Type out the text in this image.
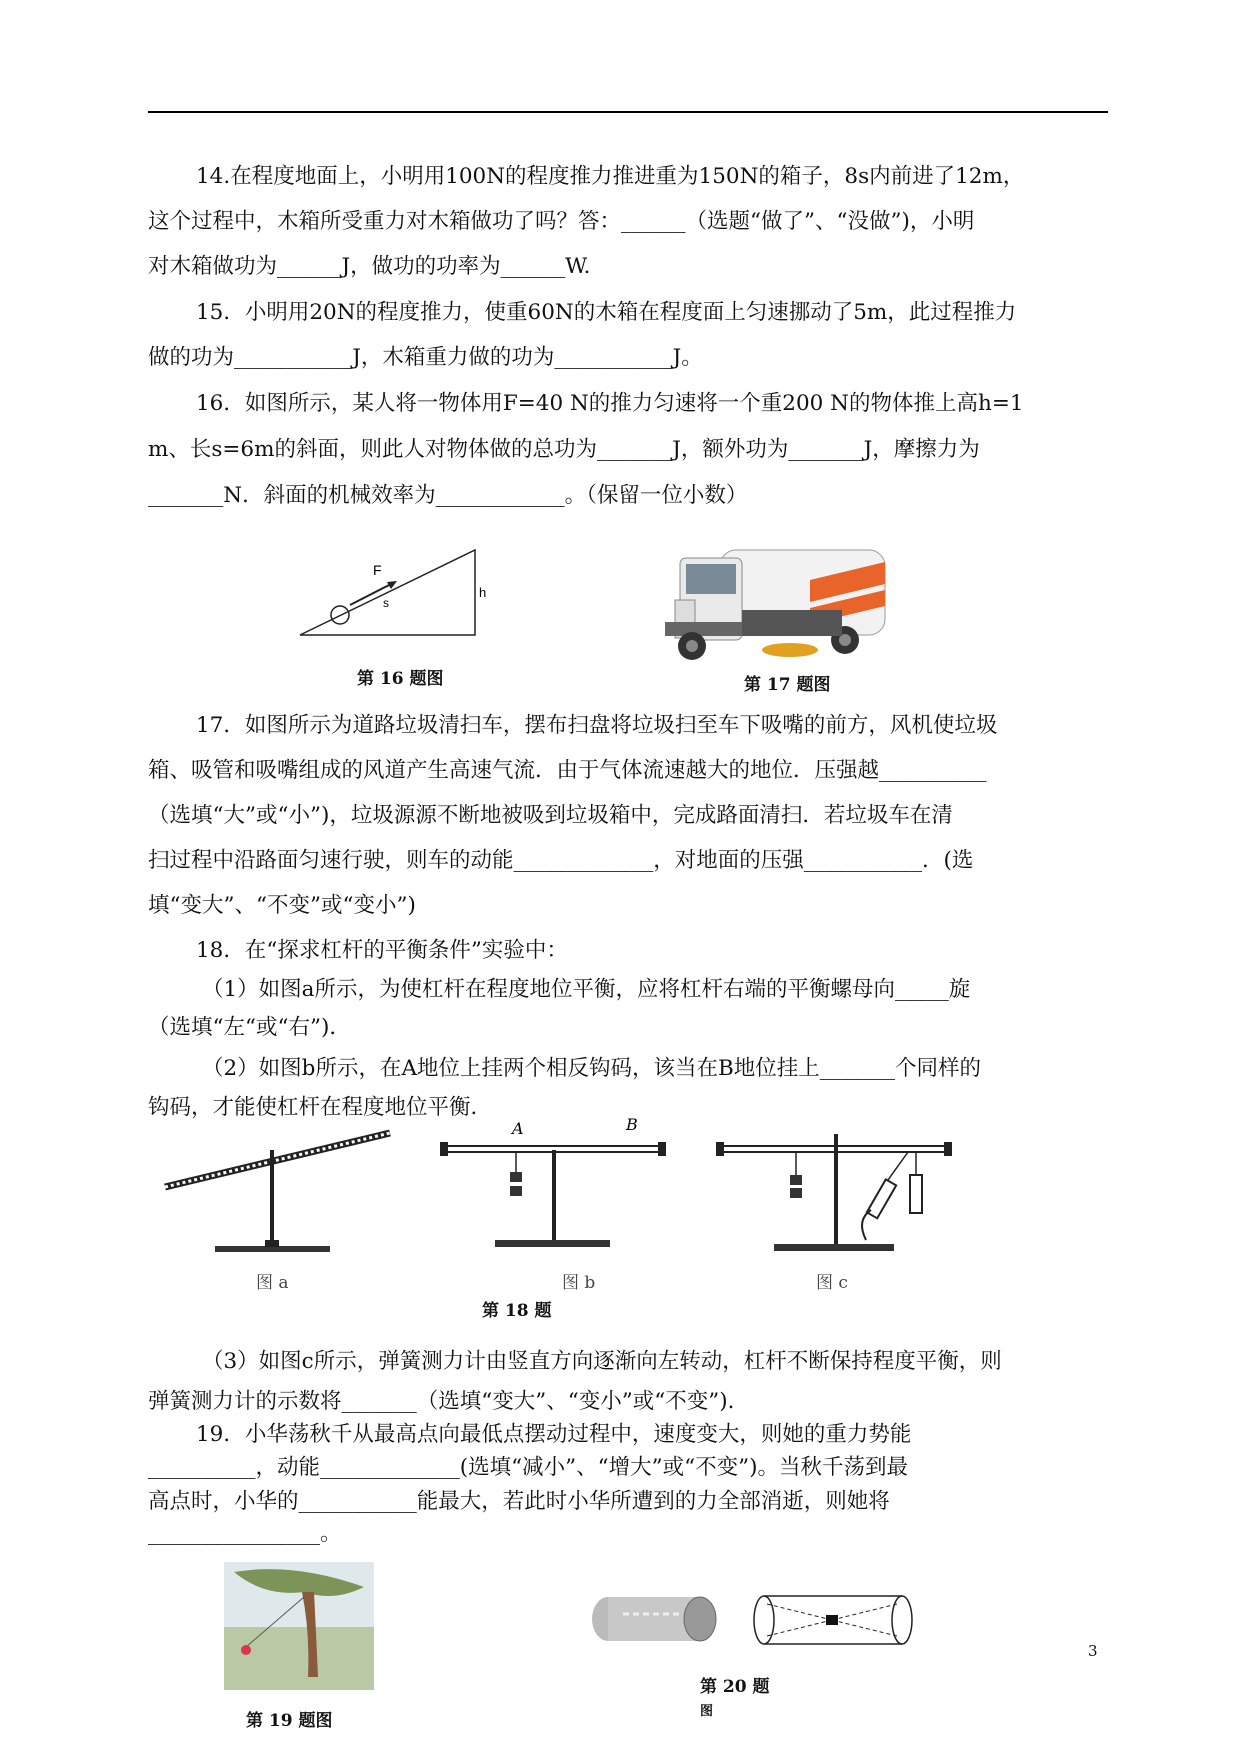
14.在程度地面上，小明用100N的程度推力推进重为150N的箱子，8s内前进了12m，
这个过程中，木箱所受重力对木箱做功了吗？答：______（选题“做了”、“没做”)，小明
对木箱做功为______J，做功的功率为______W.
15．小明用20N的程度推力，使重60N的木箱在程度面上匀速挪动了5m，此过程推力
做的功为___________J，木箱重力做的功为___________J。
16．如图所示，某人将一物体用F=40 N的推力匀速将一个重200 N的物体推上高h=1
m、长s=6m的斜面，则此人对物体做的总功为_______J，额外功为_______J，摩擦力为
_______N．斜面的机械效率为____________。（保留一位小数）
F
s
h
第 16 题图	第 17 题图
17．如图所示为道路垃圾清扫车，摆布扫盘将垃圾扫至车下吸嘴的前方，风机使垃圾
箱、吸管和吸嘴组成的风道产生高速气流．由于气体流速越大的地位．压强越__________
（选填“大”或“小”)，垃圾源源不断地被吸到垃圾箱中，完成路面清扫．若垃圾车在清
扫过程中沿路面匀速行驶，则车的动能_____________，对地面的压强___________．(选
填“变大”、“不变”或“变小”)
18．在“探求杠杆的平衡条件”实验中：
（1）如图a所示，为使杠杆在程度地位平衡，应将杠杆右端的平衡螺母向_____旋
（选填“左“或“右”)．
（2）如图b所示，在A地位上挂两个相反钩码，该当在B地位挂上_______个同样的
钩码，才能使杠杆在程度地位平衡．
图 a
A	B
图 b
第 18 题
图 c
（3）如图c所示，弹簧测力计由竖直方向逐渐向左转动，杠杆不断保持程度平衡，则
弹簧测力计的示数将_______（选填“变大”、“变小”或“不变”)．
19．小华荡秋千从最高点向最低点摆动过程中，速度变大，则她的重力势能
__________，动能_____________(选填“减小”、“增大”或“不变”)。当秋千荡到最
高点时，小华的___________能最大，若此时小华所遭到的力全部消逝，则她将
________________。
第 19 题图
第 20 题
图
3
